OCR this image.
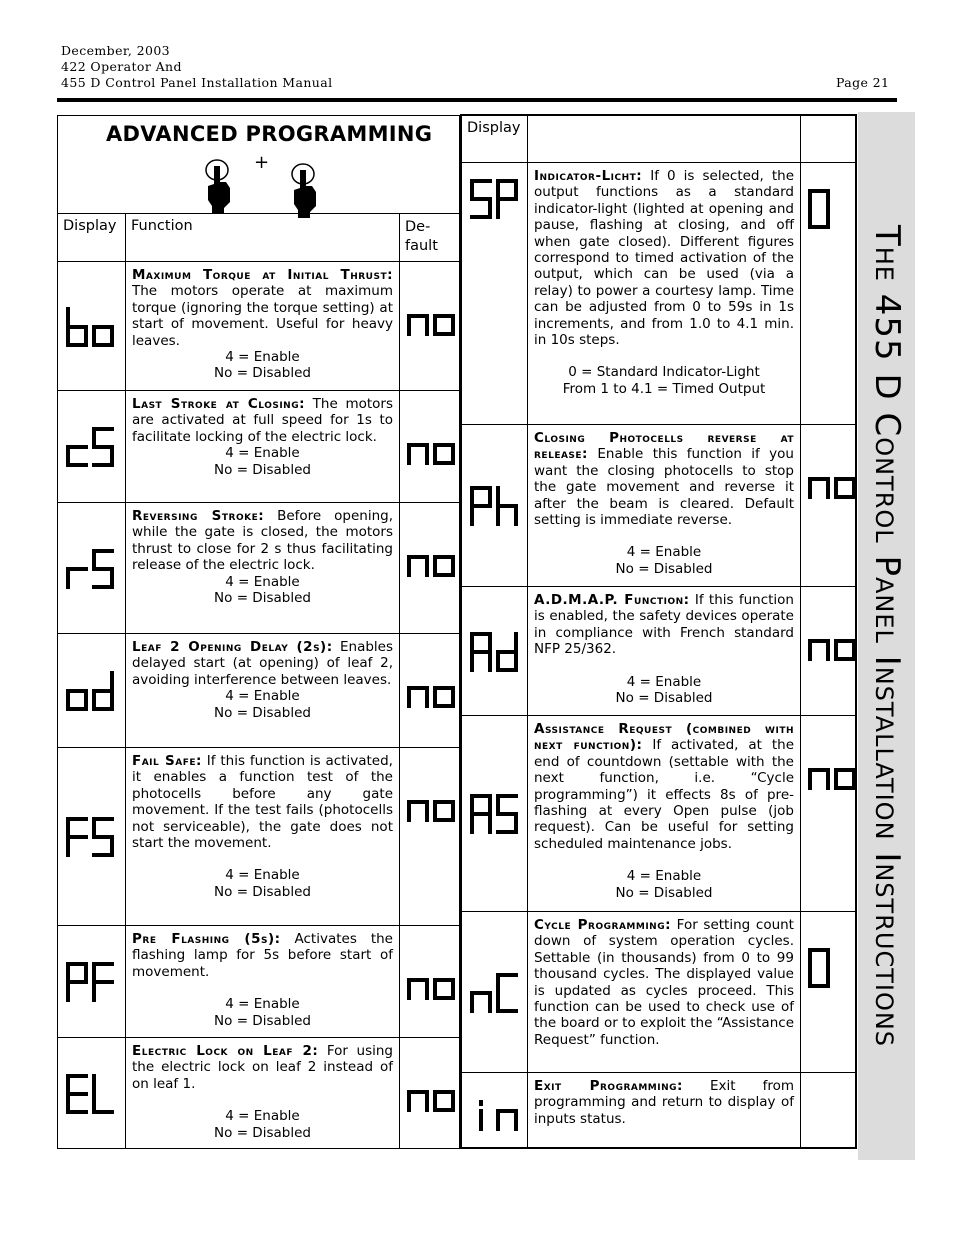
December, 2003
422 Operator And
455 D Control Panel Installation Manual	Page 21
The 455 D Control Panel Installation Instructions
ADVANCED PROGRAMMING
+		

Display	Function	De-
fault

Maximum Torque at Initial Thrust: The motors operate at maximum torque (ignoring the torque setting) at start of movement. Useful for heavy leaves.
4 = Enable
No = Disabled

Last Stroke at Closing: The motors are activated at full speed for 1s to facilitate locking of the electric lock.
4 = Enable
No = Disabled

Reversing Stroke: Before opening, while the gate is closed, the motors thrust to close for 2 s thus facilitating release of the electric lock.
4 = Enable
No = Disabled

Leaf 2 Opening Delay (2s): Enables delayed start (at opening) of leaf 2, avoiding interference between leaves.
4 = Enable
No = Disabled

Fail Safe: If this function is activated, it enables a function test of the photocells before any gate movement. If the test fails (photocells not serviceable), the gate does not start the movement.
4 = Enable
No = Disabled

Pre Flashing (5s): Activates the flashing lamp for 5s before start of movement.
4 = Enable
No = Disabled

Electric Lock on Leaf 2: For using the electric lock on leaf 2 instead of on leaf 1.
4 = Enable
No = Disabled

Display		

Indicator-Licht: If 0 is selected, the output functions as a standard indicator-light (lighted at opening and pause, flashing at closing, and off when gate closed). Different figures correspond to timed activation of the output, which can be used (via a relay) to power a courtesy lamp. Time can be adjusted from 0 to 59s in 1s increments, and from 1.0 to 4.1 min. in 10s steps.
0 = Standard Indicator-Light
From 1 to 4.1 = Timed Output

Closing Photocells reverse at release: Enable this function if you want the closing photocells to stop the gate movement and reverse it after the beam is cleared. Default setting is immediate reverse.
4 = Enable
No = Disabled

A.D.M.A.P. Function: If this function is enabled, the safety devices operate in compliance with French standard NFP 25/362.
4 = Enable
No = Disabled

Assistance Request (combined with next function): If activated, at the end of countdown (settable with the next function, i.e. “Cycle programming”) it effects 8s of pre-flashing at every Open pulse (job request). Can be useful for setting scheduled maintenance jobs.
4 = Enable
No = Disabled

Cycle Programming: For setting count down of system operation cycles. Settable (in thousands) from 0 to 99 thousand cycles. The displayed value is updated as cycles proceed. This function can be used to check use of the board or to exploit the “Assistance Request” function.

Exit Programming: Exit from programming and return to display of inputs status.	
